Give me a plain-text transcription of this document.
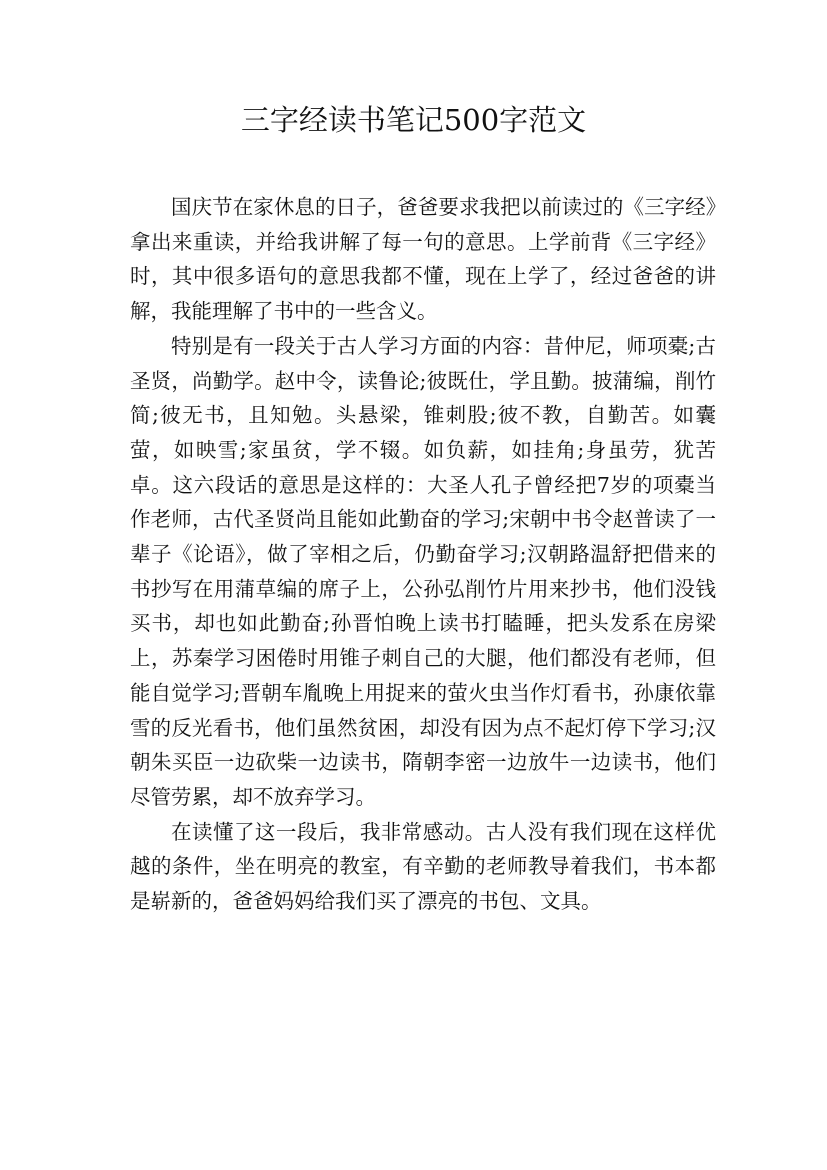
三字经读书笔记500字范文

国庆节在家休息的日子，爸爸要求我把以前读过的《三字经》拿出来重读，并给我讲解了每一句的意思。上学前背《三字经》时，其中很多语句的意思我都不懂，现在上学了，经过爸爸的讲解，我能理解了书中的一些含义。

特别是有一段关于古人学习方面的内容：昔仲尼，师项橐;古圣贤，尚勤学。赵中令，读鲁论;彼既仕，学且勤。披蒲编，削竹简;彼无书，且知勉。头悬梁，锥刺股;彼不教，自勤苦。如囊萤，如映雪;家虽贫，学不辍。如负薪，如挂角;身虽劳，犹苦卓。这六段话的意思是这样的：大圣人孔子曾经把7岁的项橐当作老师，古代圣贤尚且能如此勤奋的学习;宋朝中书令赵普读了一辈子《论语》，做了宰相之后，仍勤奋学习;汉朝路温舒把借来的书抄写在用蒲草编的席子上，公孙弘削竹片用来抄书，他们没钱买书，却也如此勤奋;孙晋怕晚上读书打瞌睡，把头发系在房梁上，苏秦学习困倦时用锥子刺自己的大腿，他们都没有老师，但能自觉学习;晋朝车胤晚上用捉来的萤火虫当作灯看书，孙康依靠雪的反光看书，他们虽然贫困，却没有因为点不起灯停下学习;汉朝朱买臣一边砍柴一边读书，隋朝李密一边放牛一边读书，他们尽管劳累，却不放弃学习。

在读懂了这一段后，我非常感动。古人没有我们现在这样优越的条件，坐在明亮的教室，有辛勤的老师教导着我们，书本都是崭新的，爸爸妈妈给我们买了漂亮的书包、文具。
